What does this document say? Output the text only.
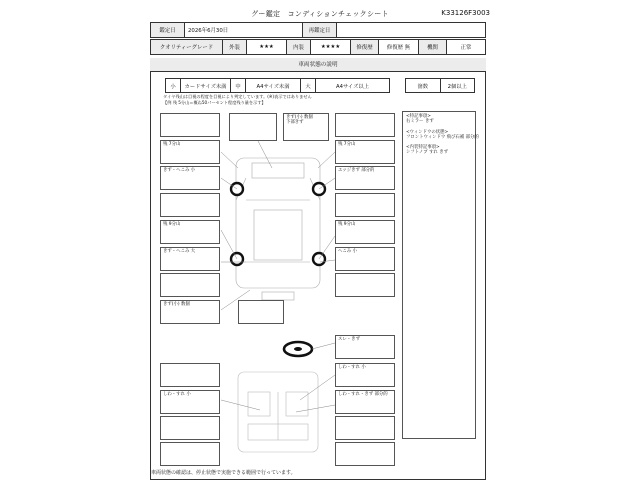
グー鑑定　コンディションチェックシート	K33126F3003
鑑定日	2026年6月30日	再鑑定日	
クオリティーグレード	外装	★★★	内装	★★★★	修復歴	修復歴 無	機関	正常
車両状態の説明
小	カードサイズ未満	中	A4サイズ未満	大	A4サイズ以上	箇数	2個以上
タイヤ残山は目視の程度を目視により判定しています。(※)表示ではありません
【例 残 5分山＝概ね50パーセント程度残り量を示す】
残 7分山
きず・へこみ 小
残 9分山
きず・へこみ 大
きず(小) 数個
きず(小) 数個
下部きず
残 7分山
エッジきず 部分的
残 9分山
へこみ 小
スレ・きず
しわ・すれ 小
しわ・すれ 小	しわ・すれ・きず 部分的
<特記事項>
右ミラー きず
<ウィンドウの状態>
フロントウィンドウ 飛び石補 部分的
<内装特記事項>
シフトノブ すれ きず
車両状態の確認は、停止状態で実施できる範囲で行っています。
